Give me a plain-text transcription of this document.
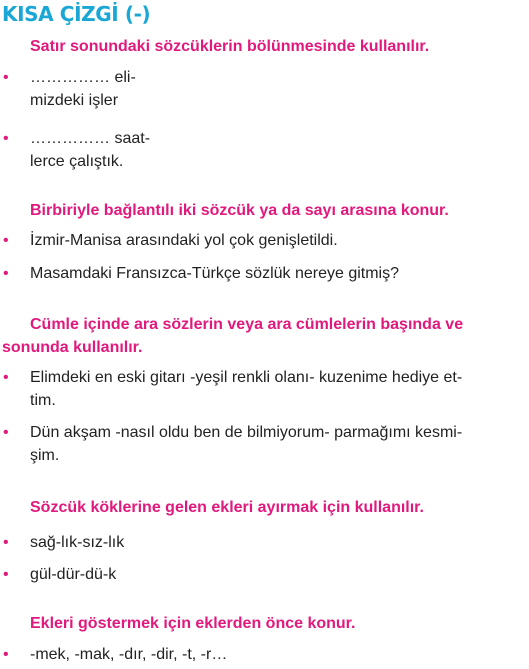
KISA ÇİZGİ (-)
Satır sonundaki sözcüklerin bölünmesinde kullanılır.
• …………… eli-
mizdeki işler
• …………… saat-
lerce çalıştık.
Birbiriyle bağlantılı iki sözcük ya da sayı arasına konur.
• İzmir-Manisa arasındaki yol çok genişletildi.
• Masamdaki Fransızca-Türkçe sözlük nereye gitmiş?
Cümle içinde ara sözlerin veya ara cümlelerin başında ve
sonunda kullanılır.
• Elimdeki en eski gitarı -yeşil renkli olanı- kuzenime hediye et-
tim.
• Dün akşam -nasıl oldu ben de bilmiyorum- parmağımı kesmi-
şim.
Sözcük köklerine gelen ekleri ayırmak için kullanılır.
• sağ-lık-sız-lık
• gül-dür-dü-k
Ekleri göstermek için eklerden önce konur.
• -mek, -mak, -dır, -dir, -t, -r…
